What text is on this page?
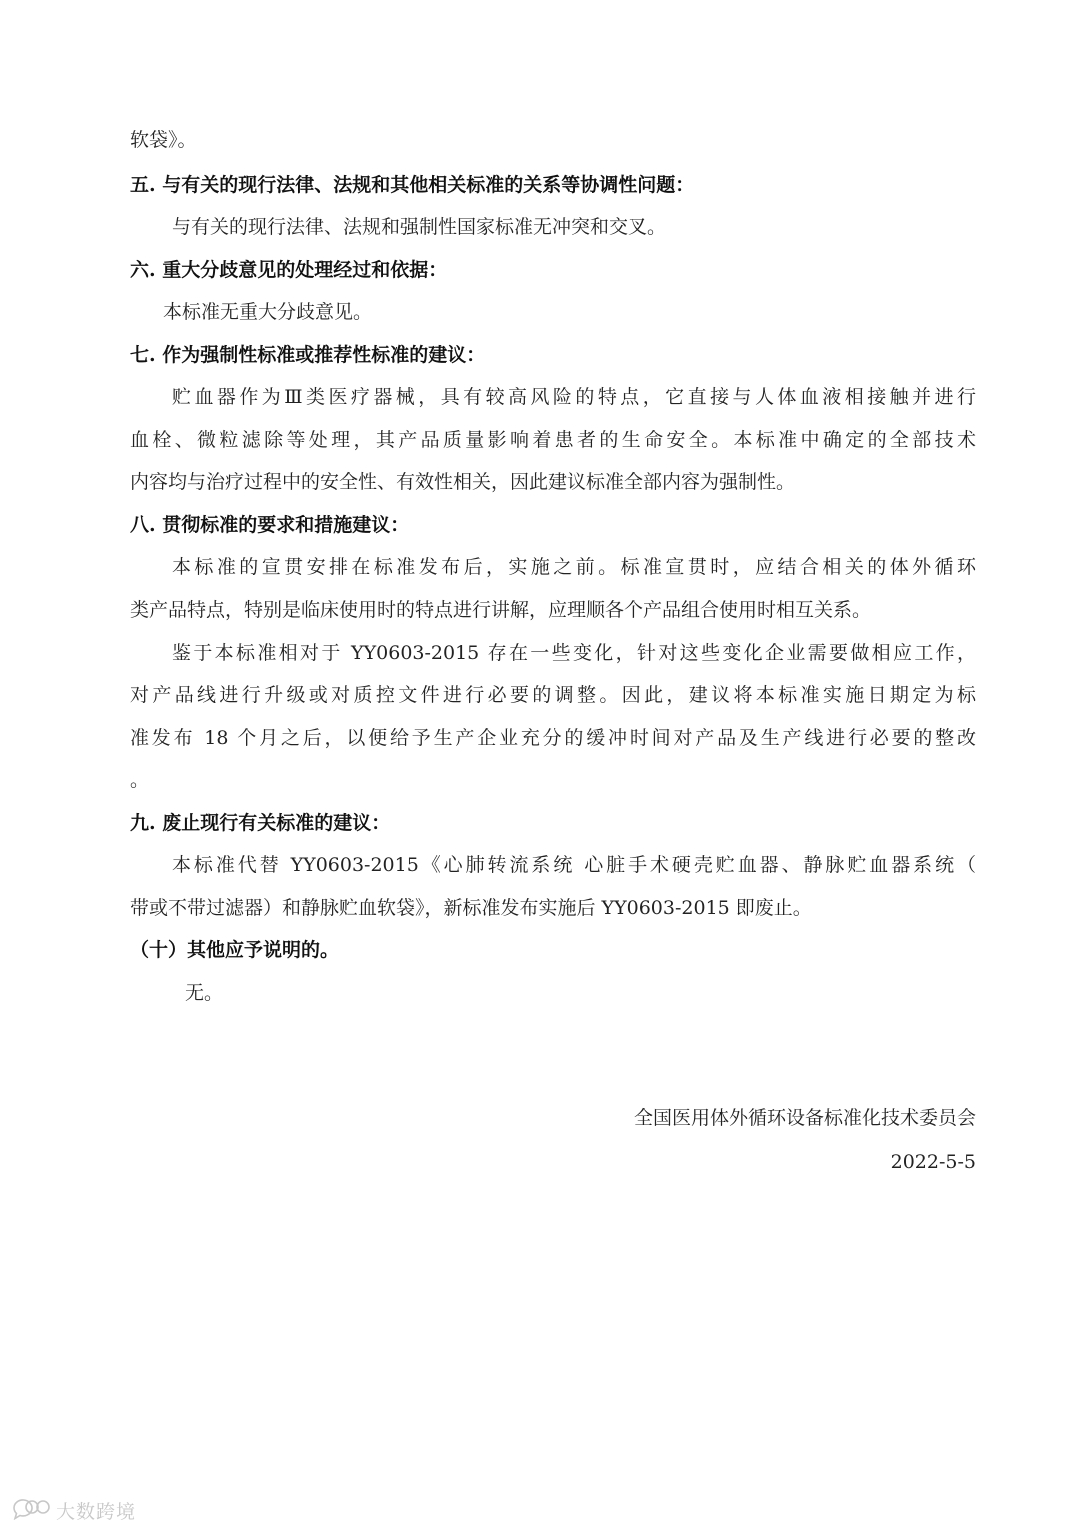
软袋》。
五. 与有关的现行法律、法规和其他相关标准的关系等协调性问题：
与有关的现行法律、法规和强制性国家标准无冲突和交叉。
六. 重大分歧意见的处理经过和依据：
本标准无重大分歧意见。
七. 作为强制性标准或推荐性标准的建议：
贮血器作为Ⅲ类医疗器械，具有较高风险的特点，它直接与人体血液相接触并进行
血栓、微粒滤除等处理，其产品质量影响着患者的生命安全。本标准中确定的全部技术
内容均与治疗过程中的安全性、有效性相关，因此建议标准全部内容为强制性。
八. 贯彻标准的要求和措施建议：
本标准的宣贯安排在标准发布后，实施之前。标准宣贯时，应结合相关的体外循环
类产品特点，特别是临床使用时的特点进行讲解，应理顺各个产品组合使用时相互关系。
鉴于本标准相对于 YY0603-2015 存在一些变化，针对这些变化企业需要做相应工作，
对产品线进行升级或对质控文件进行必要的调整。因此，建议将本标准实施日期定为标
准发布 18 个月之后，以便给予生产企业充分的缓冲时间对产品及生产线进行必要的整改
。
九. 废止现行有关标准的建议：
本标准代替 YY0603-2015《心肺转流系统 心脏手术硬壳贮血器、静脉贮血器系统（
带或不带过滤器）和静脉贮血软袋》，新标准发布实施后 YY0603-2015 即废止。
（十）其他应予说明的。
无。
全国医用体外循环设备标准化技术委员会
2022-5-5
大数跨境
